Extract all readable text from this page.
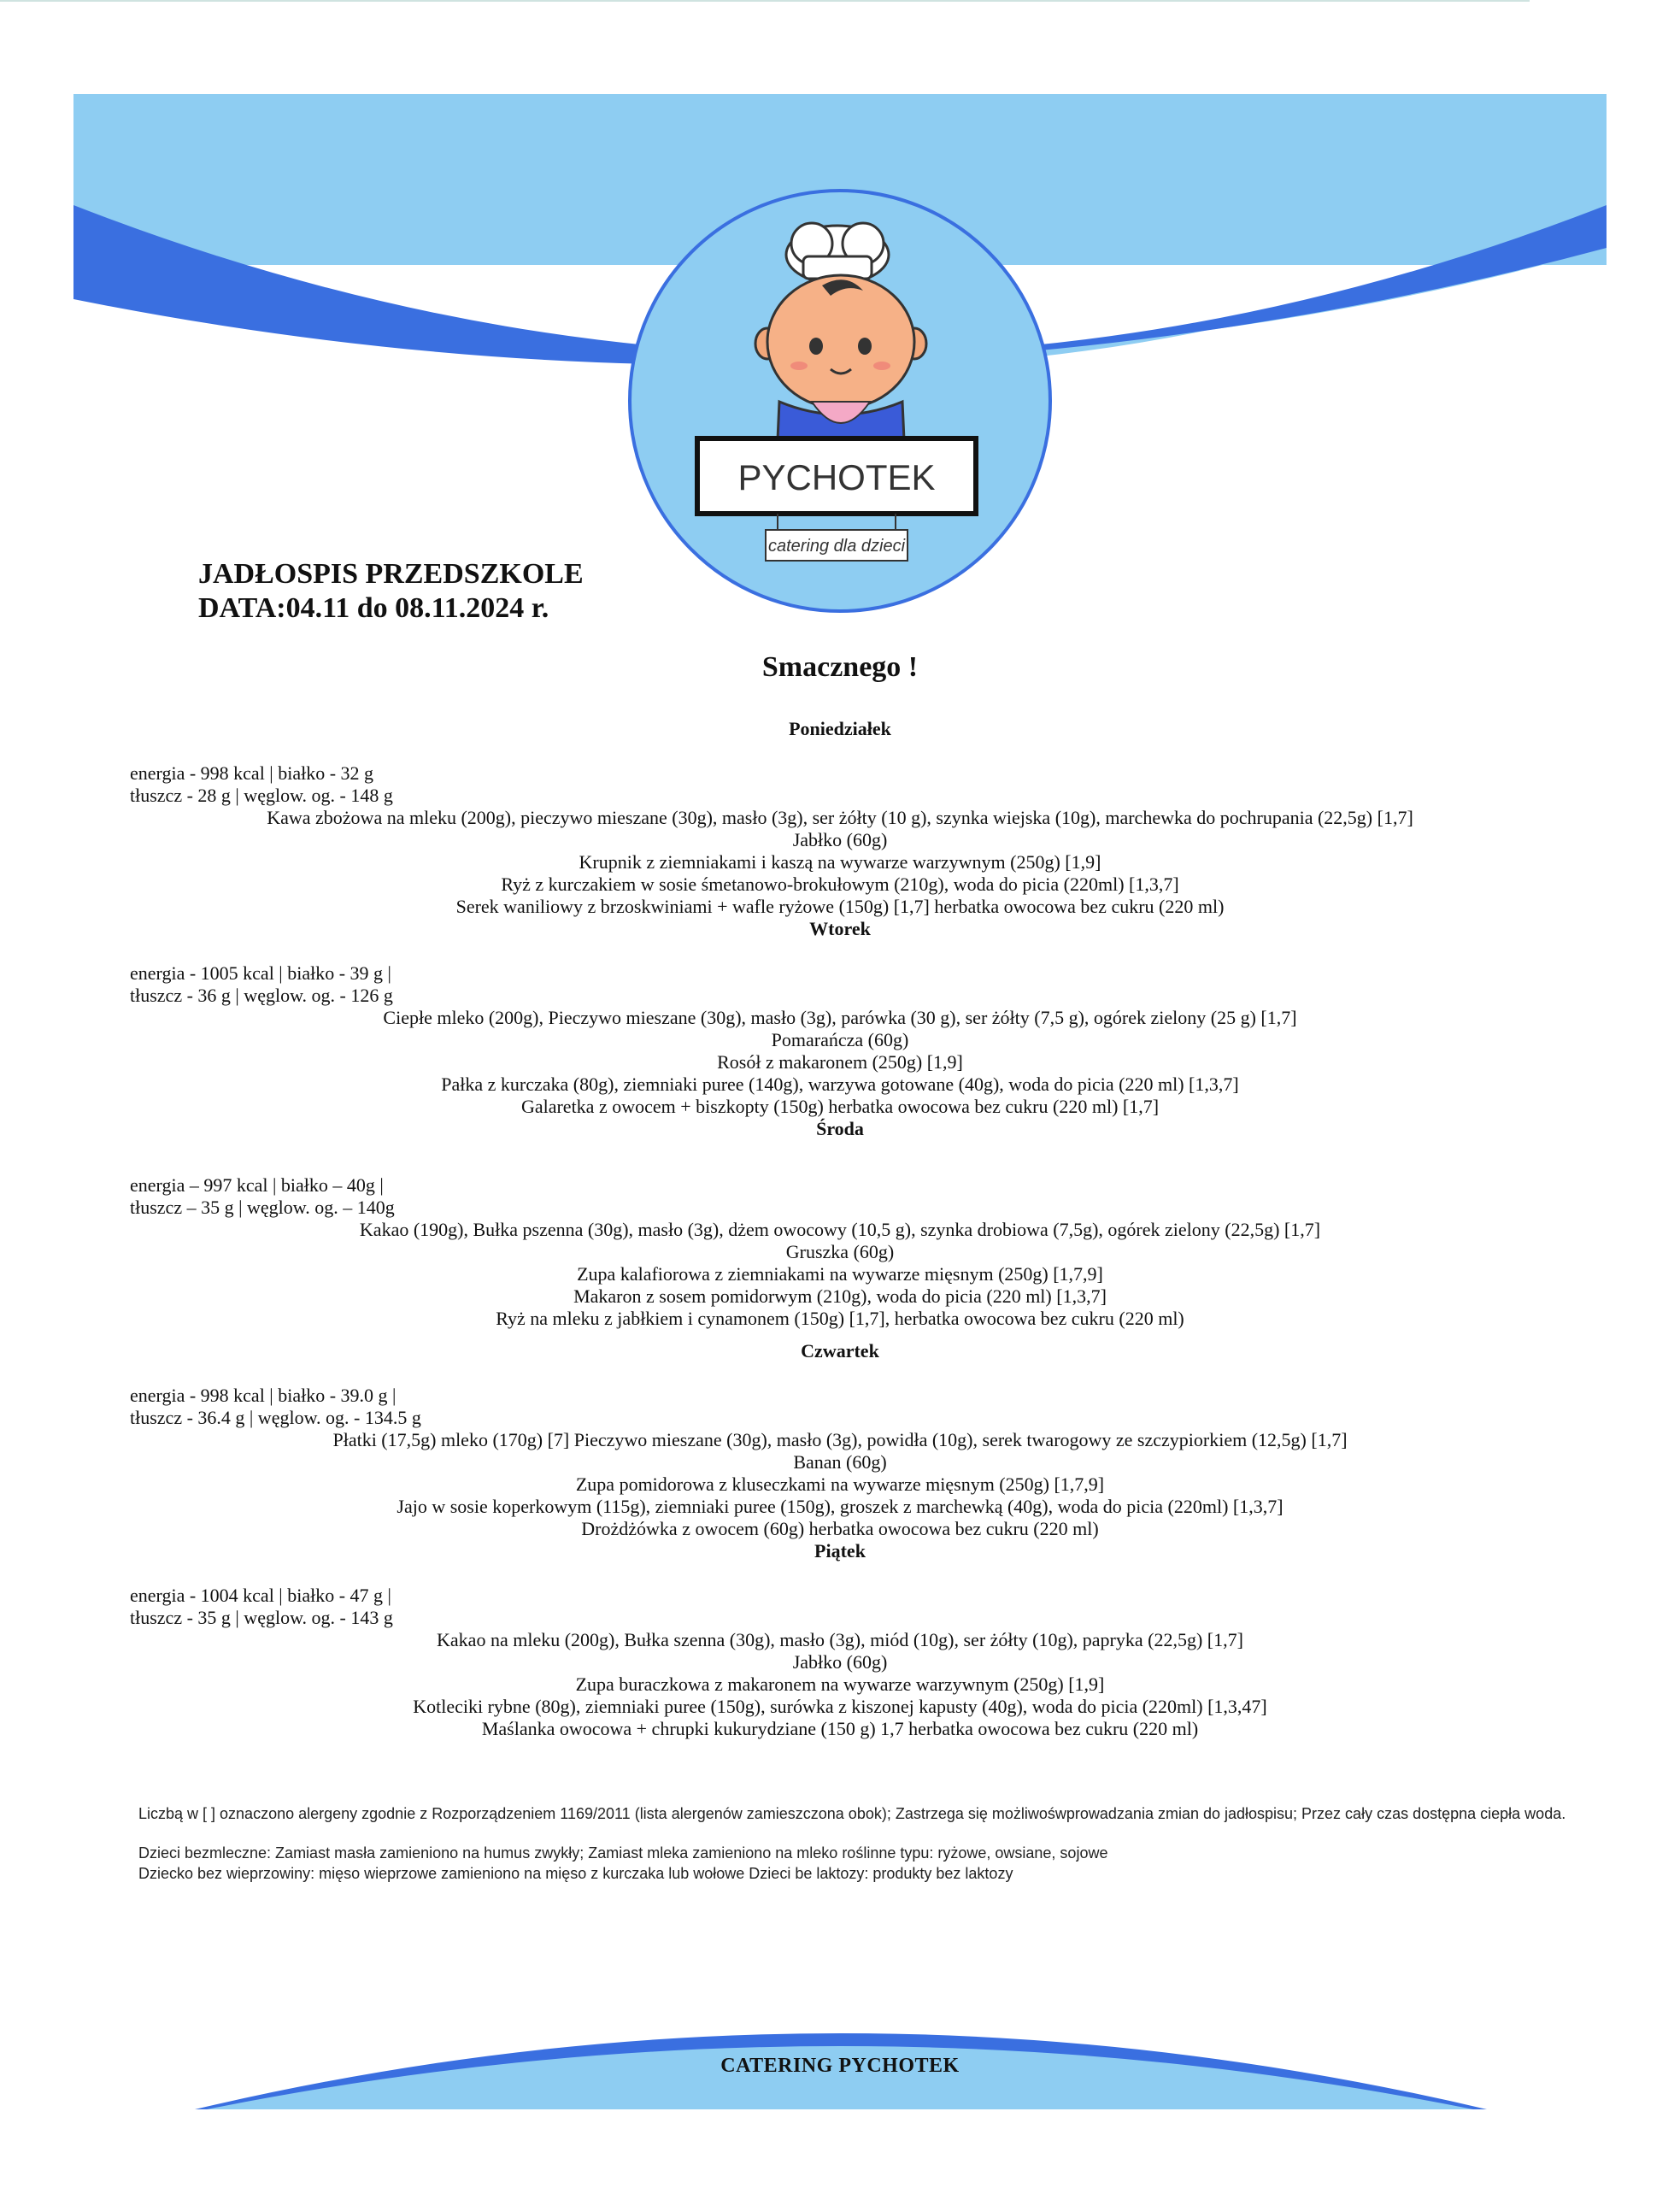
PYCHOTEK
catering dla dzieci
JADŁOSPIS PRZEDSZKOLE
DATA:04.11 do 08.11.2024 r.
Smacznego !
Poniedziałek
energia - 998 kcal | białko - 32 g
tłuszcz - 28 g | węglow. og. - 148 g
Kawa zbożowa na mleku (200g), pieczywo mieszane (30g), masło (3g), ser żółty (10 g), szynka wiejska (10g), marchewka do pochrupania (22,5g) [1,7]
Jabłko (60g)
Krupnik z ziemniakami i kaszą na wywarze warzywnym (250g) [1,9]
Ryż z kurczakiem w sosie śmetanowo-brokułowym (210g), woda do picia (220ml) [1,3,7]
Serek waniliowy z brzoskwiniami + wafle ryżowe (150g) [1,7] herbatka owocowa bez cukru (220 ml)
Wtorek
energia - 1005 kcal | białko - 39 g |
tłuszcz - 36 g | węglow. og. - 126 g
Ciepłe mleko (200g), Pieczywo mieszane (30g), masło (3g), parówka (30 g), ser żółty (7,5 g), ogórek zielony (25 g) [1,7]
Pomarańcza (60g)
Rosół z makaronem (250g) [1,9]
Pałka z kurczaka (80g), ziemniaki puree (140g), warzywa gotowane (40g), woda do picia (220 ml) [1,3,7]
Galaretka z owocem + biszkopty (150g) herbatka owocowa bez cukru (220 ml) [1,7]
Środa
energia – 997 kcal | białko – 40g |
tłuszcz – 35 g | węglow. og. – 140g
Kakao (190g), Bułka pszenna (30g), masło (3g), dżem owocowy (10,5 g), szynka drobiowa (7,5g), ogórek zielony (22,5g) [1,7]
Gruszka (60g)
Zupa kalafiorowa z ziemniakami na wywarze mięsnym (250g) [1,7,9]
Makaron z sosem pomidorwym (210g), woda do picia (220 ml) [1,3,7]
Ryż na mleku z jabłkiem i cynamonem (150g) [1,7], herbatka owocowa bez cukru (220 ml)
Czwartek
energia - 998 kcal | białko - 39.0 g |
tłuszcz - 36.4 g | węglow. og. - 134.5 g
Płatki (17,5g) mleko (170g) [7] Pieczywo mieszane (30g), masło (3g), powidła (10g), serek twarogowy ze szczypiorkiem (12,5g) [1,7]
Banan (60g)
Zupa pomidorowa z kluseczkami na wywarze mięsnym (250g) [1,7,9]
Jajo w sosie koperkowym (115g), ziemniaki puree (150g), groszek z marchewką (40g), woda do picia (220ml) [1,3,7]
Drożdżówka z owocem (60g) herbatka owocowa bez cukru (220 ml)
Piątek
energia - 1004 kcal | białko - 47 g |
tłuszcz - 35 g | węglow. og. - 143 g
Kakao na mleku (200g), Bułka szenna (30g), masło (3g), miód (10g), ser żółty (10g), papryka (22,5g) [1,7]
Jabłko (60g)
Zupa buraczkowa z makaronem na wywarze warzywnym (250g) [1,9]
Kotleciki rybne (80g), ziemniaki puree (150g), surówka z kiszonej kapusty (40g), woda do picia (220ml) [1,3,47]
Maślanka owocowa + chrupki kukurydziane (150 g) 1,7 herbatka owocowa bez cukru (220 ml)

Liczbą w [ ] oznaczono alergeny zgodnie z Rozporządzeniem 1169/2011 (lista alergenów zamieszczona obok); Zastrzega się możliwośwprowadzania zmian do jadłospisu; Przez cały czas dostępna ciepła woda.

Dzieci bezmleczne: Zamiast masła zamieniono na humus zwykły; Zamiast mleka zamieniono na mleko roślinne typu: ryżowe, owsiane, sojowe

Dziecko bez wieprzowiny: mięso wieprzowe zamieniono na mięso z kurczaka lub wołowe Dzieci be laktozy: produkty bez laktozy

CATERING PYCHOTEK
